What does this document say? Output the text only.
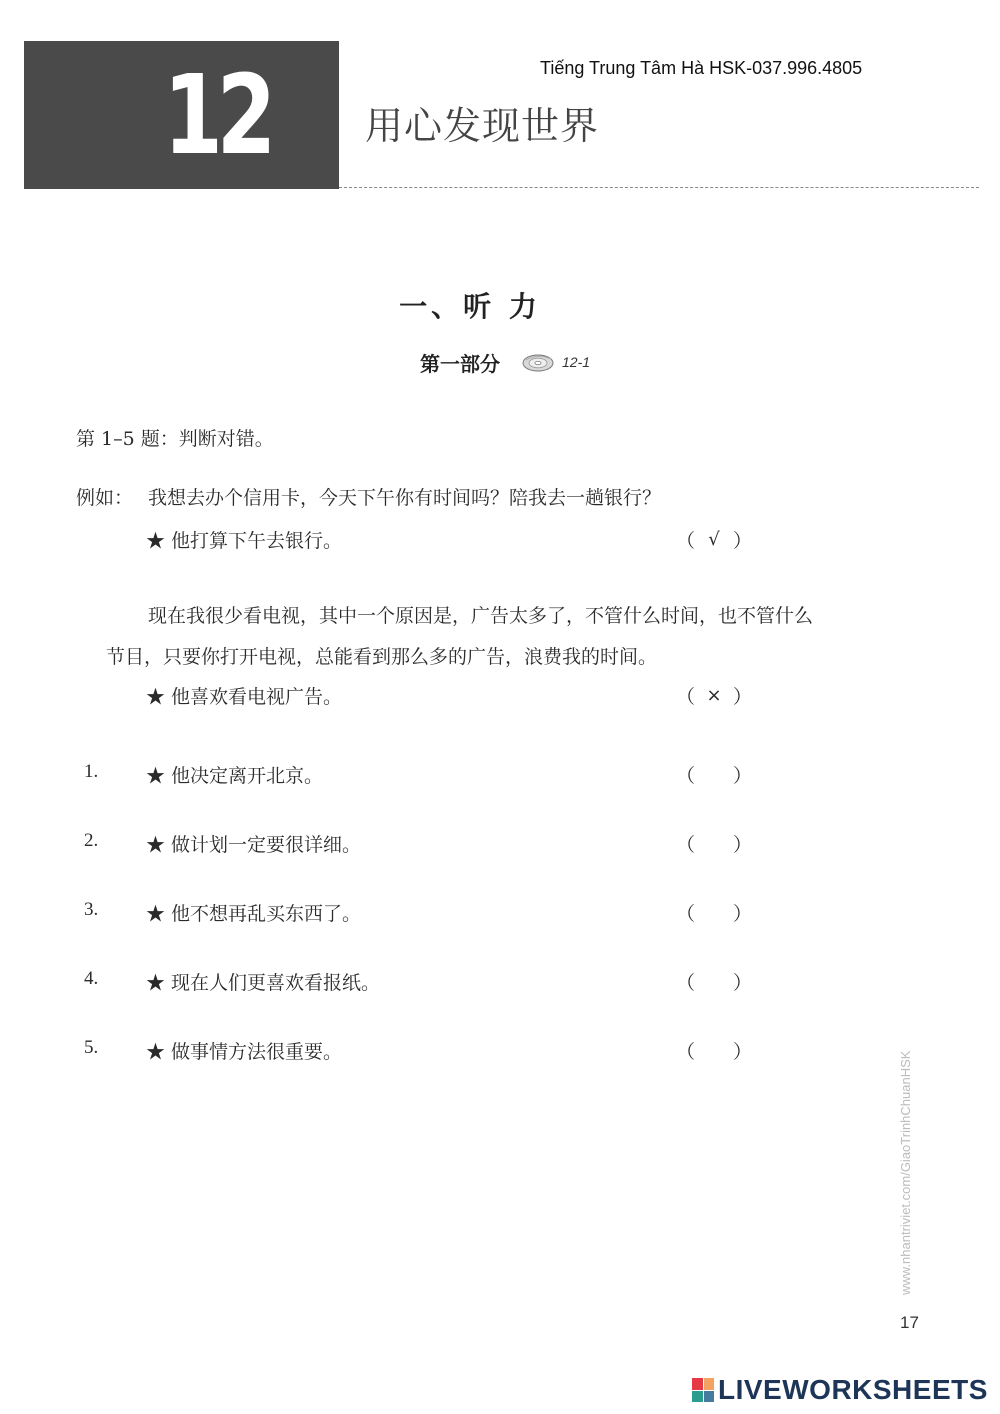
12	Tiếng Trung Tâm Hà HSK-037.996.4805
用心发现世界
一、听 力
第一部分	12-1
第 1–5 题：判断对错。
例如： 我想去办个信用卡，今天下午你有时间吗？陪我去一趟银行？
★ 他打算下午去银行。	（ √ ）
现在我很少看电视，其中一个原因是，广告太多了，不管什么时间，也不管什么
节目，只要你打开电视，总能看到那么多的广告，浪费我的时间。
★ 他喜欢看电视广告。	（ × ）
1.	★ 他决定离开北京。	（ ）
2.	★ 做计划一定要很详细。	（ ）
3.	★ 他不想再乱买东西了。	（ ）
4.	★ 现在人们更喜欢看报纸。	（ ）
5.	★ 做事情方法很重要。	（ ）	www.nhantriviet.com/GiaoTrinhChuanHSK
17
LIVEWORKSHEETS
